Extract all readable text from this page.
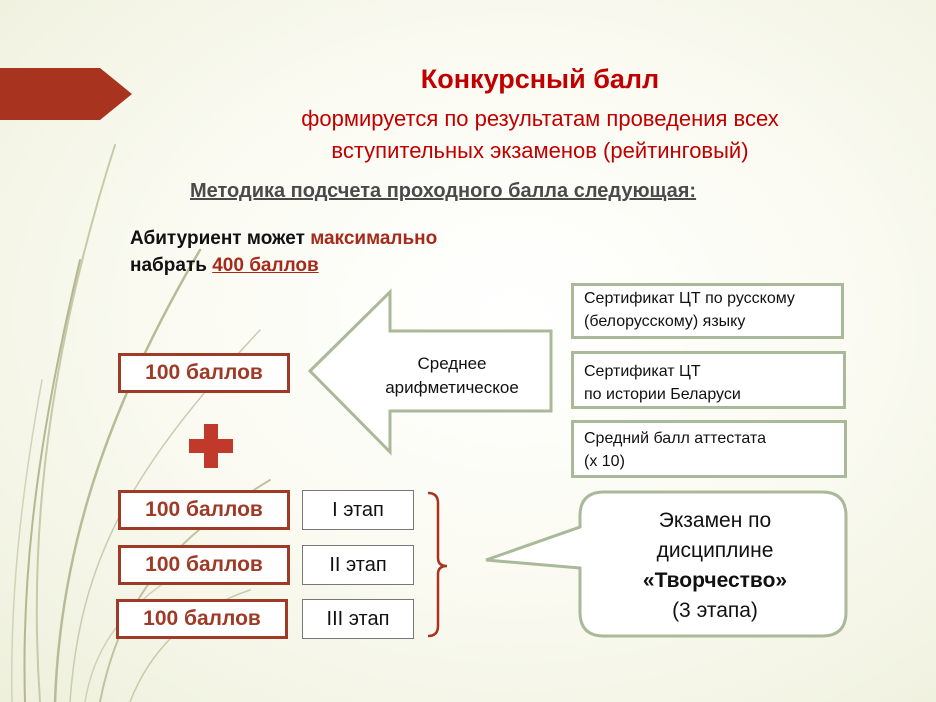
Конкурсный балл
формируется по результатам проведения всех
вступительных экзаменов (рейтинговый)
Методика подсчета проходного балла следующая:
Абитуриент может максимально
набрать 400 баллов
100 баллов	Среднее
арифметическое
Сертификат ЦТ по русскому
(белорусскому) языку
Сертификат ЦТ
по истории Беларуси
Средний балл аттестата
(х 10)
100 баллов
100 баллов
100 баллов
I этап
II этап
III этап
Экзамен по
дисциплине
«Творчество»
(3 этапа)
